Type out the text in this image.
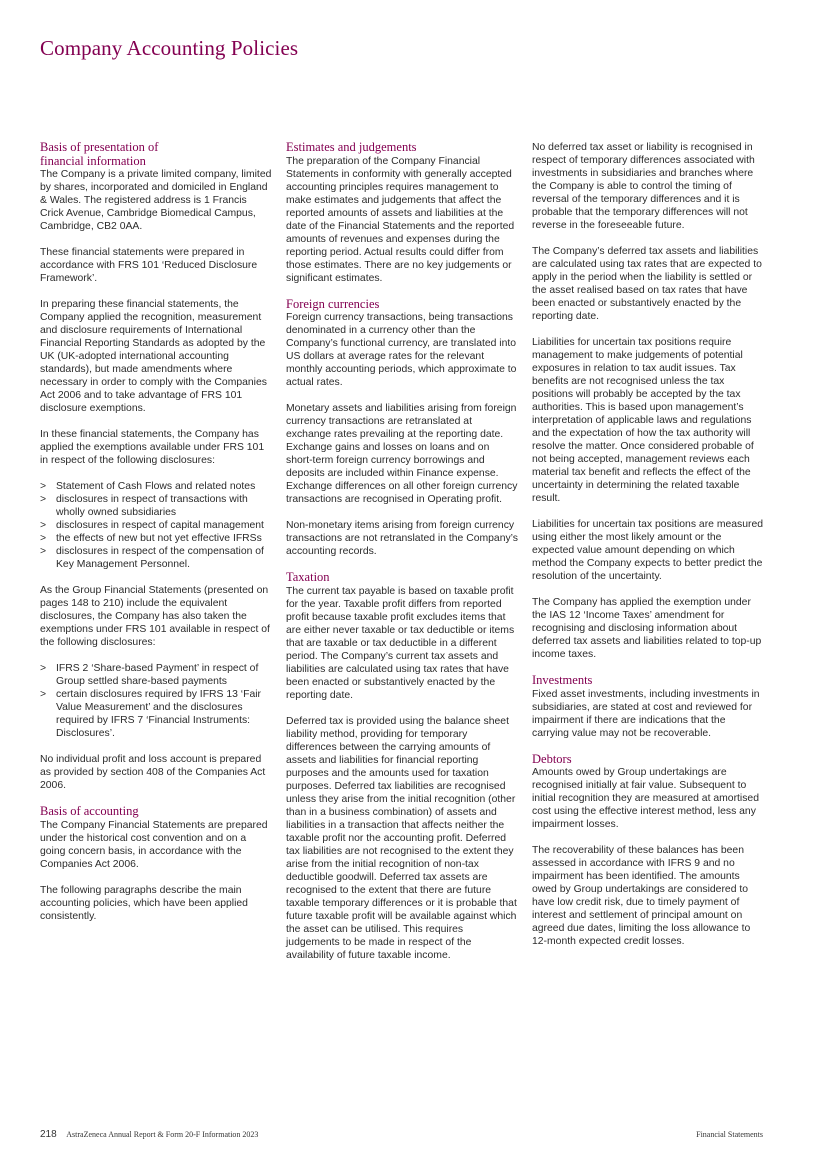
Company Accounting Policies
Basis of presentation of financial information

The Company is a private limited company, limited by shares, incorporated and domiciled in England & Wales. The registered address is 1 Francis Crick Avenue, Cambridge Biomedical Campus, Cambridge, CB2 0AA.

These financial statements were prepared in accordance with FRS 101 ‘Reduced Disclosure Framework’.

In preparing these financial statements, the Company applied the recognition, measurement and disclosure requirements of International Financial Reporting Standards as adopted by the UK (UK-adopted international accounting standards), but made amendments where necessary in order to comply with the Companies Act 2006 and to take advantage of FRS 101 disclosure exemptions.

In these financial statements, the Company has applied the exemptions available under FRS 101 in respect of the following disclosures:

> Statement of Cash Flows and related notes
> disclosures in respect of transactions with wholly owned subsidiaries
> disclosures in respect of capital management
> the effects of new but not yet effective IFRSs
> disclosures in respect of the compensation of Key Management Personnel.

As the Group Financial Statements (presented on pages 148 to 210) include the equivalent disclosures, the Company has also taken the exemptions under FRS 101 available in respect of the following disclosures:

> IFRS 2 ‘Share-based Payment’ in respect of Group settled share-based payments
> certain disclosures required by IFRS 13 ‘Fair Value Measurement’ and the disclosures required by IFRS 7 ‘Financial Instruments: Disclosures’.

No individual profit and loss account is prepared as provided by section 408 of the Companies Act 2006.

Basis of accounting

The Company Financial Statements are prepared under the historical cost convention and on a going concern basis, in accordance with the Companies Act 2006.

The following paragraphs describe the main accounting policies, which have been applied consistently.

Estimates and judgements

The preparation of the Company Financial Statements in conformity with generally accepted accounting principles requires management to make estimates and judgements that affect the reported amounts of assets and liabilities at the date of the Financial Statements and the reported amounts of revenues and expenses during the reporting period. Actual results could differ from those estimates. There are no key judgements or significant estimates.

Foreign currencies

Foreign currency transactions, being transactions denominated in a currency other than the Company’s functional currency, are translated into US dollars at average rates for the relevant monthly accounting periods, which approximate to actual rates.

Monetary assets and liabilities arising from foreign currency transactions are retranslated at exchange rates prevailing at the reporting date. Exchange gains and losses on loans and on short-term foreign currency borrowings and deposits are included within Finance expense. Exchange differences on all other foreign currency transactions are recognised in Operating profit.

Non-monetary items arising from foreign currency transactions are not retranslated in the Company’s accounting records.

Taxation

The current tax payable is based on taxable profit for the year. Taxable profit differs from reported profit because taxable profit excludes items that are either never taxable or tax deductible or items that are taxable or tax deductible in a different period. The Company’s current tax assets and liabilities are calculated using tax rates that have been enacted or substantively enacted by the reporting date.

Deferred tax is provided using the balance sheet liability method, providing for temporary differences between the carrying amounts of assets and liabilities for financial reporting purposes and the amounts used for taxation purposes. Deferred tax liabilities are recognised unless they arise from the initial recognition (other than in a business combination) of assets and liabilities in a transaction that affects neither the taxable profit nor the accounting profit. Deferred tax liabilities are not recognised to the extent they arise from the initial recognition of non-tax deductible goodwill. Deferred tax assets are recognised to the extent that there are future taxable temporary differences or it is probable that future taxable profit will be available against which the asset can be utilised. This requires judgements to be made in respect of the availability of future taxable income.

No deferred tax asset or liability is recognised in respect of temporary differences associated with investments in subsidiaries and branches where the Company is able to control the timing of reversal of the temporary differences and it is probable that the temporary differences will not reverse in the foreseeable future.

The Company’s deferred tax assets and liabilities are calculated using tax rates that are expected to apply in the period when the liability is settled or the asset realised based on tax rates that have been enacted or substantively enacted by the reporting date.

Liabilities for uncertain tax positions require management to make judgements of potential exposures in relation to tax audit issues. Tax benefits are not recognised unless the tax positions will probably be accepted by the tax authorities. This is based upon management’s interpretation of applicable laws and regulations and the expectation of how the tax authority will resolve the matter. Once considered probable of not being accepted, management reviews each material tax benefit and reflects the effect of the uncertainty in determining the related taxable result.

Liabilities for uncertain tax positions are measured using either the most likely amount or the expected value amount depending on which method the Company expects to better predict the resolution of the uncertainty.

The Company has applied the exemption under the IAS 12 ‘Income Taxes’ amendment for recognising and disclosing information about deferred tax assets and liabilities related to top-up income taxes.

Investments

Fixed asset investments, including investments in subsidiaries, are stated at cost and reviewed for impairment if there are indications that the carrying value may not be recoverable.

Debtors

Amounts owed by Group undertakings are recognised initially at fair value. Subsequent to initial recognition they are measured at amortised cost using the effective interest method, less any impairment losses.

The recoverability of these balances has been assessed in accordance with IFRS 9 and no impairment has been identified. The amounts owed by Group undertakings are considered to have low credit risk, due to timely payment of interest and settlement of principal amount on agreed due dates, limiting the loss allowance to 12-month expected credit losses.

218 AstraZeneca Annual Report & Form 20-F Information 2023	Financial Statements
